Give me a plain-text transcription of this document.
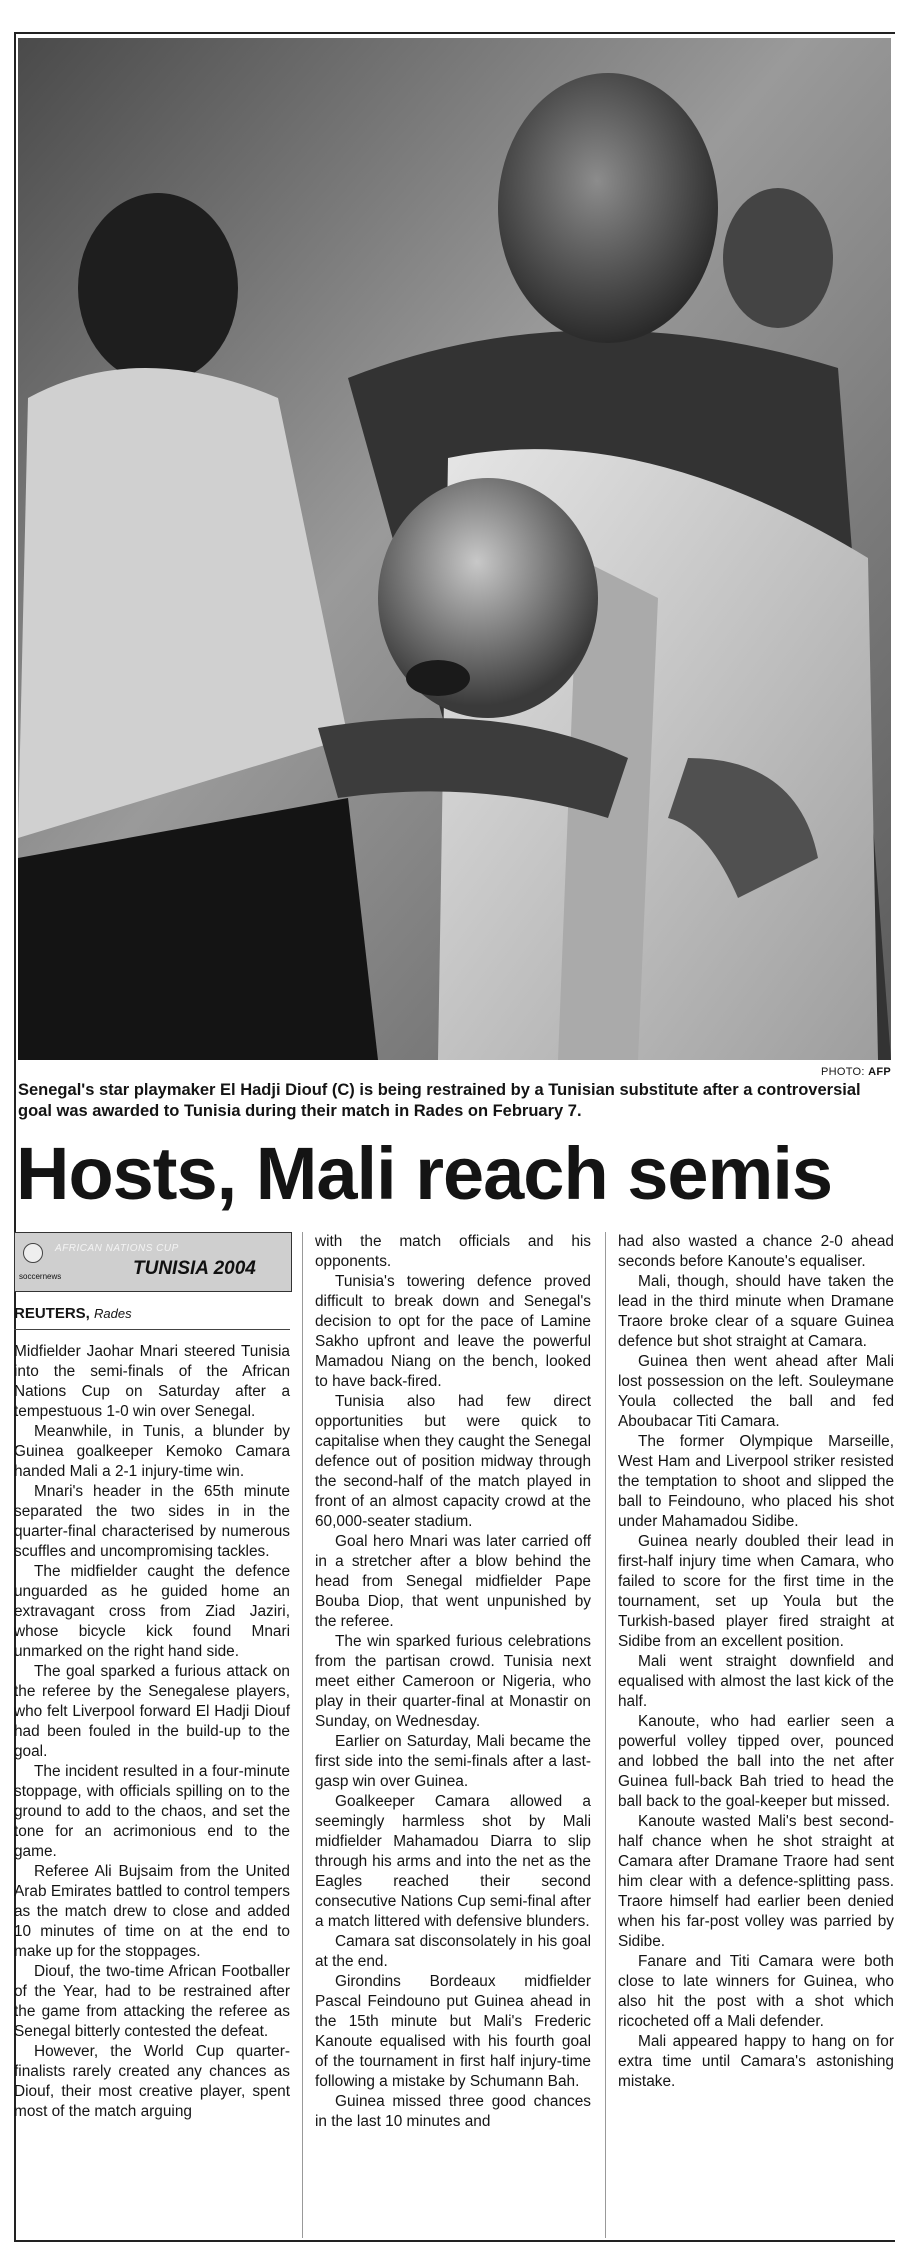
PHOTO: AFP
Senegal's star playmaker El Hadji Diouf (C) is being restrained by a Tunisian substitute after a controversial goal was awarded to Tunisia during their match in Rades on February 7.
Hosts, Mali reach semis
AFRICAN NATIONS CUP
soccernews	TUNISIA 2004
REUTERS, Rades

Midfielder Jaohar Mnari steered Tunisia into the semi-finals of the African Nations Cup on Saturday after a tempestuous 1-0 win over Senegal.

Meanwhile, in Tunis, a blunder by Guinea goalkeeper Kemoko Camara handed Mali a 2-1 injury-time win.

Mnari's header in the 65th minute separated the two sides in in the quarter-final characterised by numerous scuffles and uncompromising tackles.

The midfielder caught the defence unguarded as he guided home an extravagant cross from Ziad Jaziri, whose bicycle kick found Mnari unmarked on the right hand side.

The goal sparked a furious attack on the referee by the Senegalese players, who felt Liverpool forward El Hadji Diouf had been fouled in the build-up to the goal.

The incident resulted in a four-minute stoppage, with officials spilling on to the ground to add to the chaos, and set the tone for an acrimonious end to the game.

Referee Ali Bujsaim from the United Arab Emirates battled to control tempers as the match drew to close and added 10 minutes of time on at the end to make up for the stoppages.

Diouf, the two-time African Footballer of the Year, had to be restrained after the game from attacking the referee as Senegal bitterly contested the defeat.

However, the World Cup quarter-finalists rarely created any chances as Diouf, their most creative player, spent most of the match arguing

with the match officials and his opponents.

Tunisia's towering defence proved difficult to break down and Senegal's decision to opt for the pace of Lamine Sakho upfront and leave the powerful Mamadou Niang on the bench, looked to have back-fired.

Tunisia also had few direct opportunities but were quick to capitalise when they caught the Senegal defence out of position midway through the second-half of the match played in front of an almost capacity crowd at the 60,000-seater stadium.

Goal hero Mnari was later carried off in a stretcher after a blow behind the head from Senegal midfielder Pape Bouba Diop, that went unpunished by the referee.

The win sparked furious celebrations from the partisan crowd. Tunisia next meet either Cameroon or Nigeria, who play in their quarter-final at Monastir on Sunday, on Wednesday.

Earlier on Saturday, Mali became the first side into the semi-finals after a last-gasp win over Guinea.

Goalkeeper Camara allowed a seemingly harmless shot by Mali midfielder Mahamadou Diarra to slip through his arms and into the net as the Eagles reached their second consecutive Nations Cup semi-final after a match littered with defensive blunders.

Camara sat disconsolately in his goal at the end.

Girondins Bordeaux midfielder Pascal Feindouno put Guinea ahead in the 15th minute but Mali's Frederic Kanoute equalised with his fourth goal of the tournament in first half injury-time following a mistake by Schumann Bah.

Guinea missed three good chances in the last 10 minutes and

had also wasted a chance 2-0 ahead seconds before Kanoute's equaliser.

Mali, though, should have taken the lead in the third minute when Dramane Traore broke clear of a square Guinea defence but shot straight at Camara.

Guinea then went ahead after Mali lost possession on the left. Souleymane Youla collected the ball and fed Aboubacar Titi Camara.

The former Olympique Marseille, West Ham and Liverpool striker resisted the temptation to shoot and slipped the ball to Feindouno, who placed his shot under Mahamadou Sidibe.

Guinea nearly doubled their lead in first-half injury time when Camara, who failed to score for the first time in the tournament, set up Youla but the Turkish-based player fired straight at Sidibe from an excellent position.

Mali went straight downfield and equalised with almost the last kick of the half.

Kanoute, who had earlier seen a powerful volley tipped over, pounced and lobbed the ball into the net after Guinea full-back Bah tried to head the ball back to the goal-keeper but missed.

Kanoute wasted Mali's best second-half chance when he shot straight at Camara after Dramane Traore had sent him clear with a defence-splitting pass. Traore himself had earlier been denied when his far-post volley was parried by Sidibe.

Fanare and Titi Camara were both close to late winners for Guinea, who also hit the post with a shot which ricocheted off a Mali defender.

Mali appeared happy to hang on for extra time until Camara's astonishing mistake.
